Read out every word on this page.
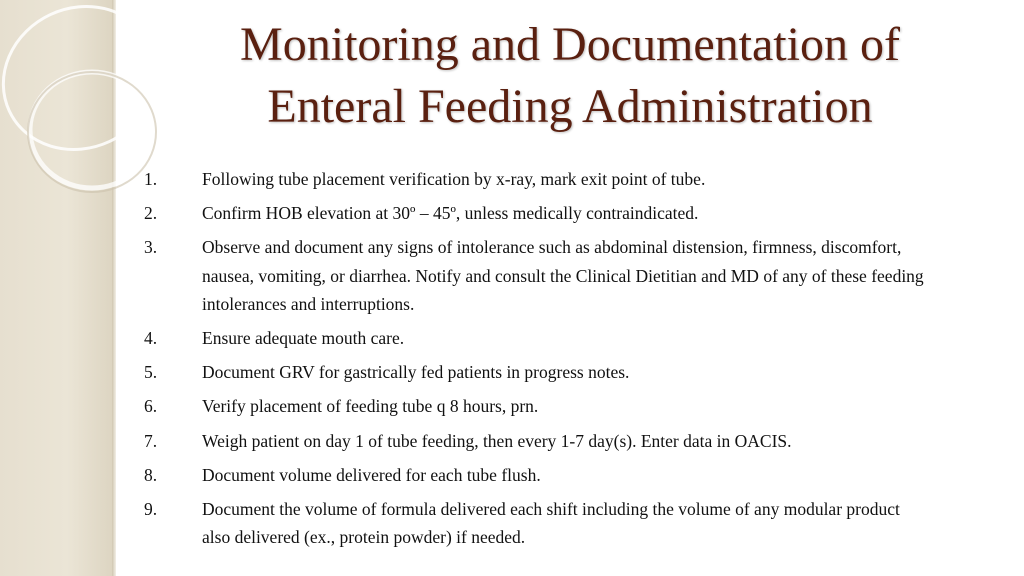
Monitoring and Documentation of
Enteral Feeding Administration
1.	Following tube placement verification by x-ray, mark exit point of tube.
2.	Confirm HOB elevation at 30º – 45º, unless medically contraindicated.
3.	Observe and document any signs of intolerance such as abdominal distension, firmness, discomfort, nausea, vomiting, or diarrhea. Notify and consult the Clinical Dietitian and MD of any of these feeding intolerances and interruptions.
4.	Ensure adequate mouth care.
5.	Document GRV for gastrically fed patients in progress notes.
6.	Verify placement of feeding tube q 8 hours, prn.
7.	Weigh patient on day 1 of tube feeding, then every 1-7 day(s). Enter data in OACIS.
8.	Document volume delivered for each tube flush.
9.	Document the volume of formula delivered each shift including the volume of any modular product also delivered (ex., protein powder) if needed.
